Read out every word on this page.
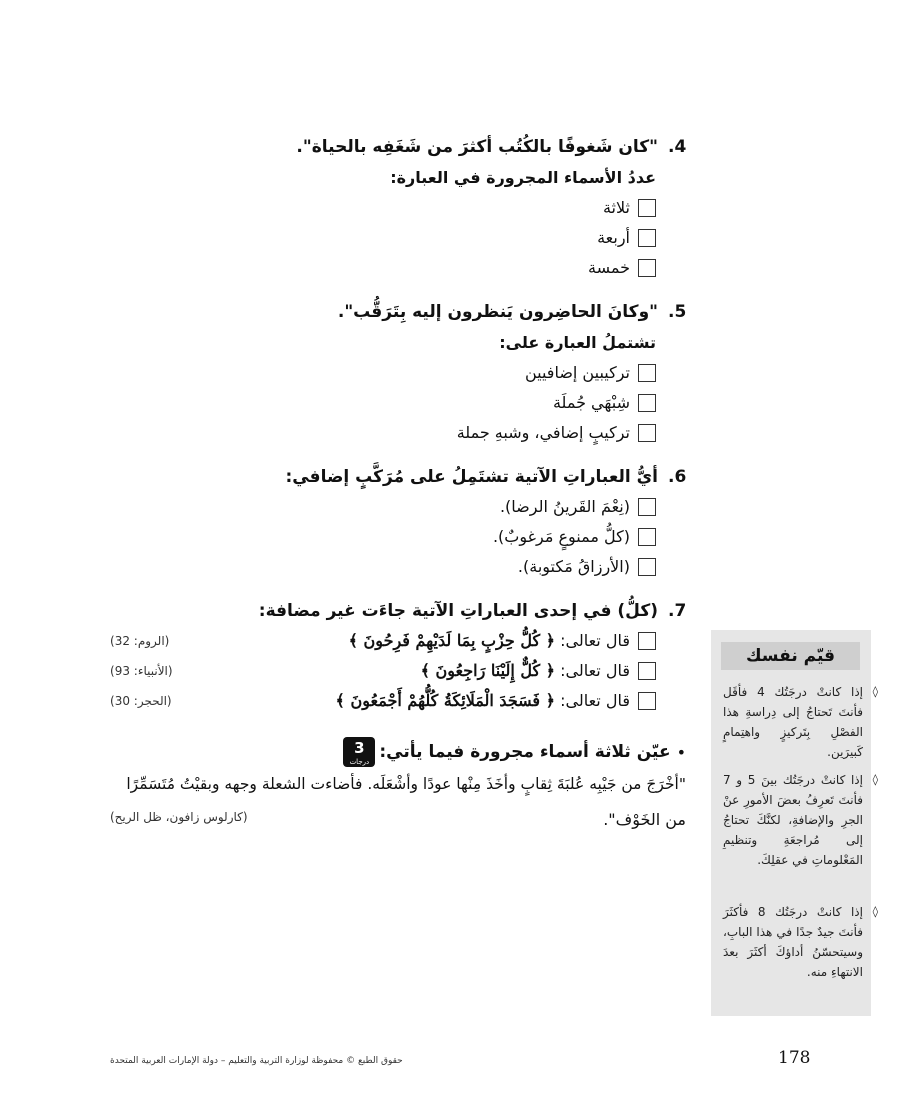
.4
"كان شَغوفًا بالكُتُب أكثرَ من شَغَفِه بالحياة".
عددُ الأسماء المجرورة في العبارة:
ثلاثة
أربعة
خمسة
.5
"وكانَ الحاضِرون يَنظرون إليه بِتَرَقُّب".
تشتملُ العبارة على:
تركيبين إضافيين
شِبْهَي جُملَة
تركيبٍ إضافي، وشبهِ جملة
.6
أيُّ العباراتِ الآتية تشتَمِلُ على مُرَكَّبٍ إضافي:
(نِعْمَ القَرينُ الرضا).
(كلُّ ممنوعٍ مَرغوبٌ).
(الأرزاقُ مَكتوبة).
.7
(كلُّ) في إحدى العباراتِ الآتية جاءَت غير مضافة:
قال تعالى:

﴿ كُلُّ حِزْبٍ بِمَا لَدَيْهِمْ فَرِحُونَ ﴾
(الروم: 32)
قال تعالى:

﴿ كُلٌّ إِلَيْنَا رَاجِعُونَ ﴾
(الأنبياء: 93)
قال تعالى:

﴿ فَسَجَدَ الْمَلَائِكَةُ كُلُّهُمْ أَجْمَعُونَ ﴾
(الحجر: 30)
•
عيّن ثلاثة أسماء مجرورة فيما يأتي:
3
درجات
"أخْرَجَ من جَيْبِه عُلبَةَ ثِقابٍ وأخَذَ مِنْها عودًا وأشْعَلَه. فأضاءت الشعلة وجهه وبقيْتُ مُتَسَمِّرًا
من الخَوْف".
(كارلوس زافون، ظل الريح)
قيّم نفسك
◊
إذا كانتْ درجَتُك 4 فأقَل فأنتَ تَحتاجُ إلى دِراسةِ هذا الفصْلِ بِتَركيزٍ واهتِمامٍ كَبيرَين.
◊
إذا كانتْ درجَتُك بينَ 5 و 7 فأنتَ تَعرِفُ بعضَ الأمورِ عنْ الجرِ والإضافةِ، لكنَّكَ تحتاجُ إلى مُراجعَةِ وتنظيمِ المَعْلوماتِ في عقلِكَ.
◊
إذا كانتْ درجَتُك 8 فأكثَرَ فأنتَ جيدٌ جدًا في هذا البابِ، وسيتحسّنُ أداؤكَ أكثَرَ بعدَ الانتهاءِ منه.
حقوق الطبع © محفوظة لوزارة التربية والتعليم – دولة الإمارات العربية المتحدة	178
